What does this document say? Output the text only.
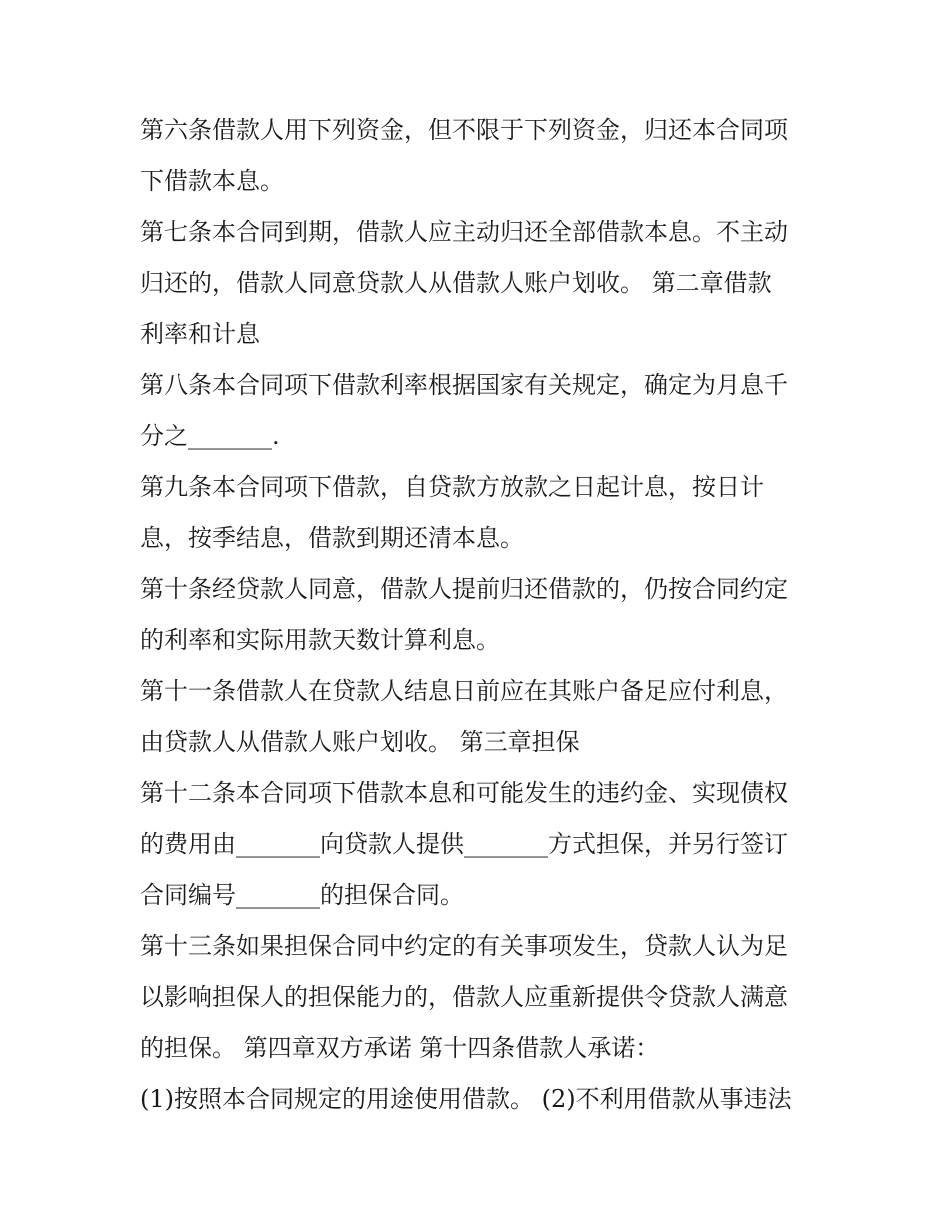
第六条借款人用下列资金，但不限于下列资金，归还本合同项

下借款本息。

第七条本合同到期，借款人应主动归还全部借款本息。不主动

归还的，借款人同意贷款人从借款人账户划收。 第二章借款

利率和计息

第八条本合同项下借款利率根据国家有关规定，确定为月息千

分之_______.

第九条本合同项下借款，自贷款方放款之日起计息，按日计

息，按季结息，借款到期还清本息。

第十条经贷款人同意，借款人提前归还借款的，仍按合同约定

的利率和实际用款天数计算利息。

第十一条借款人在贷款人结息日前应在其账户备足应付利息，

由贷款人从借款人账户划收。 第三章担保

第十二条本合同项下借款本息和可能发生的违约金、实现债权

的费用由_______向贷款人提供_______方式担保，并另行签订

合同编号_______的担保合同。

第十三条如果担保合同中约定的有关事项发生，贷款人认为足

以影响担保人的担保能力的，借款人应重新提供令贷款人满意

的担保。 第四章双方承诺 第十四条借款人承诺：

(1)按照本合同规定的用途使用借款。 (2)不利用借款从事违法
